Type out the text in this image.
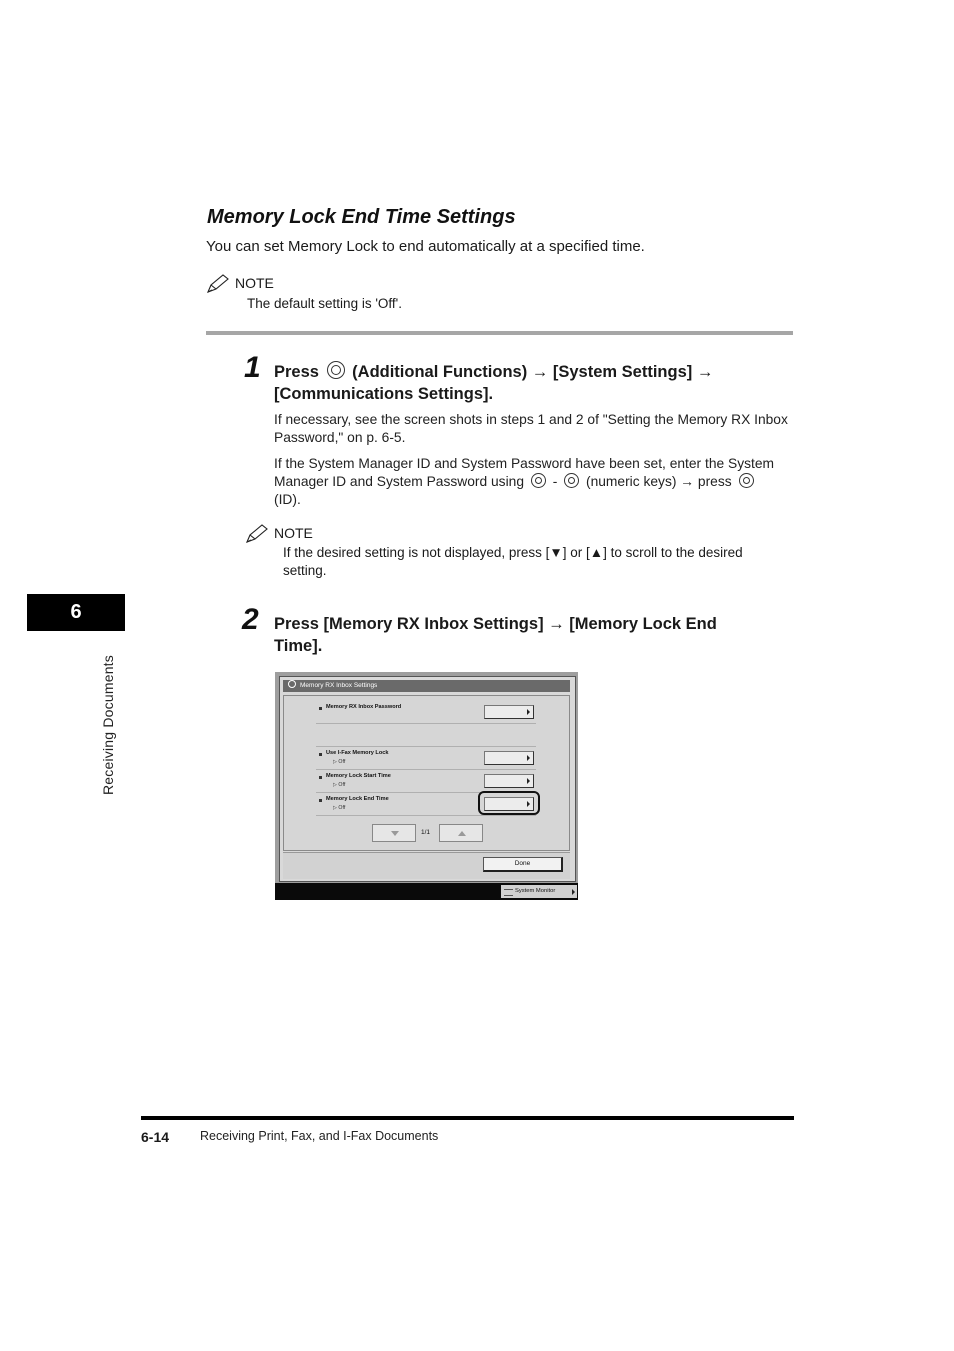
Memory Lock End Time Settings
You can set Memory Lock to end automatically at a specified time.
NOTE
The default setting is 'Off'.
1 Press (Additional Functions) → [System Settings] →
[Communications Settings].
If necessary, see the screen shots in steps 1 and 2 of "Setting the Memory RX Inbox Password," on p. 6-5.
If the System Manager ID and System Password have been set, enter the System Manager ID and System Password using - (numeric keys) → press
(ID).
NOTE
If the desired setting is not displayed, press [▼] or [▲] to scroll to the desired setting.
2 Press [Memory RX Inbox Settings] → [Memory Lock End
Time].
6
Receiving Documents	Memory RX Inbox Settings
Memory RX Inbox Password
Use I-Fax Memory Lock
▷ Off
Memory Lock Start Time
▷ Off
Memory Lock End Time
▷ Off
1/1
Done
System Monitor
6-14 Receiving Print, Fax, and I-Fax Documents
